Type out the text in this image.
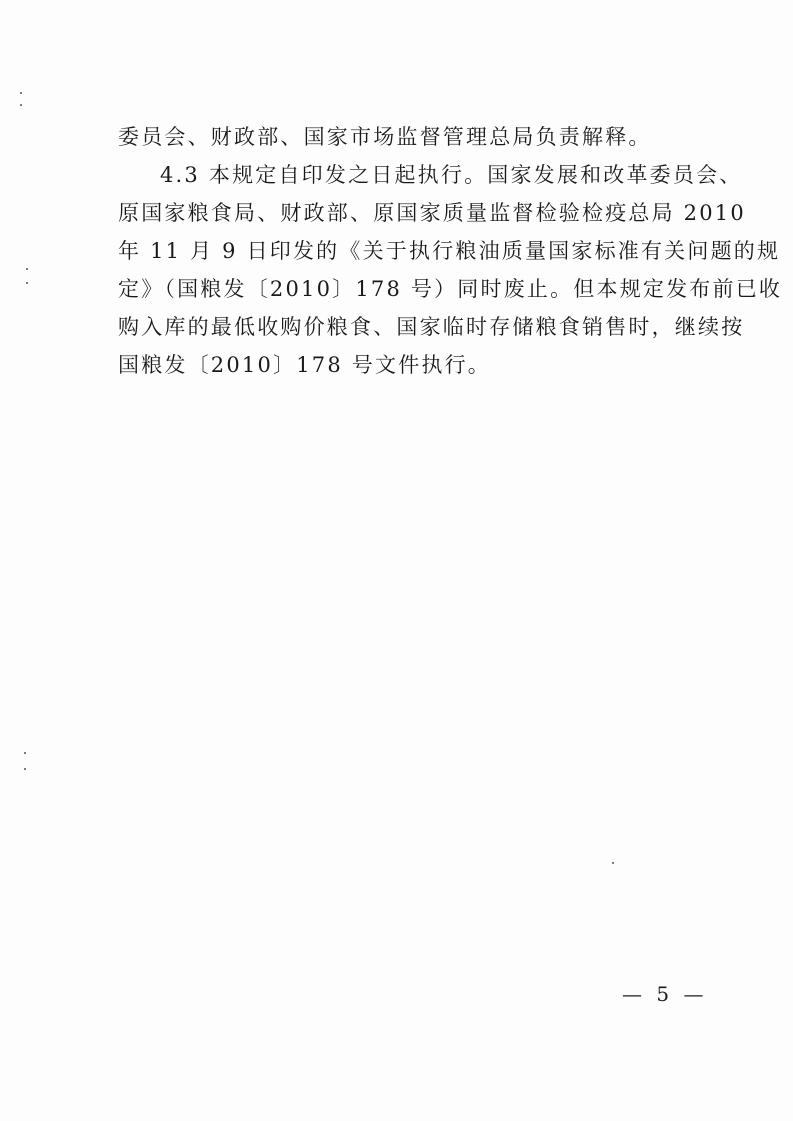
委员会、财政部、国家市场监督管理总局负责解释。
4.3 本规定自印发之日起执行。国家发展和改革委员会、
原国家粮食局、财政部、原国家质量监督检验检疫总局 2010
年 11 月 9 日印发的《关于执行粮油质量国家标准有关问题的规
定》（国粮发〔2010〕178 号）同时废止。但本规定发布前已收
购入库的最低收购价粮食、国家临时存储粮食销售时，继续按
国粮发〔2010〕178 号文件执行。
— 5 —
